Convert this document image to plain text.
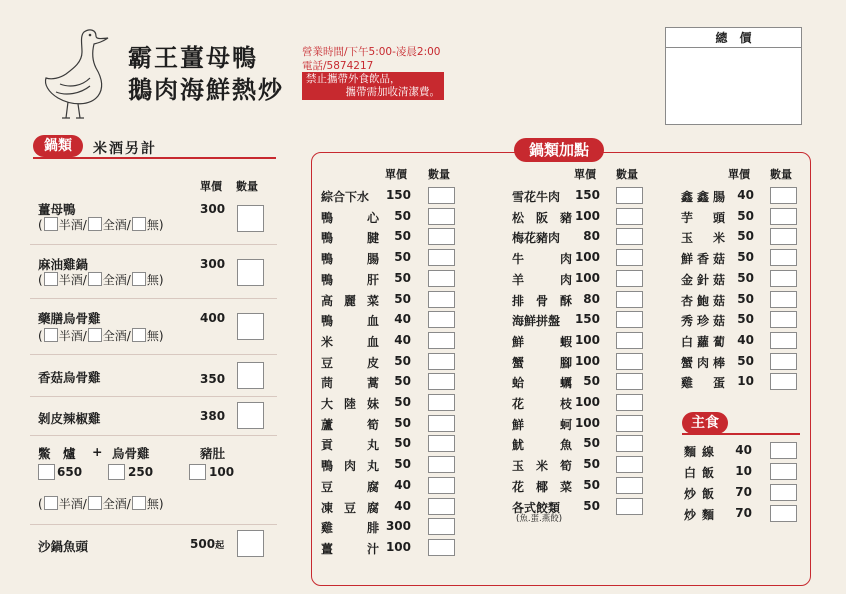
霸王薑母鴨
鵝肉海鮮熱炒
營業時間/下午5:00-凌晨2:00
電話/5874217
禁止攜帶外食飲品，
攜帶需加收清潔費。
總　價
鍋類	米酒另計
單價 數量
薑母鴨	300
( 半酒/ 全酒/ 無)
麻油雞鍋	300
( 半酒/ 全酒/ 無)
藥膳烏骨雞	400
( 半酒/ 全酒/ 無)
香菇烏骨雞	350
剝皮辣椒雞	380
鱉　爐 + 烏骨雞	豬肚
650	250	100
( 半酒/ 全酒/ 無)
沙鍋魚頭	500起
鍋類加點
單價 數量
綜合下水	150
鴨心	50
鴨腱	50
鴨腸	50
鴨肝	50
高麗菜	50
鴨血	40
米血	40
豆皮	50
茼蒿	50
大陸妹	50
蘆筍	50
貢丸	50
鴨肉丸	50
豆腐	40
凍豆腐	40
雞腓 300
薑汁 100
單價 數量
雪花牛肉	150
松阪豬 100
梅花豬肉	80
牛肉 100
羊肉 100
排骨酥 80
海鮮拼盤	150
鮮蝦 100
蟹腳 100
蛤蠣 50
花枝 100
鮮蚵 100
魷魚 50
玉米筍 50
花椰菜 50
各式餃類	50
單價 數量
鑫鑫腸	40
芋頭	50
玉米	50
鮮香菇	50
金針菇	50
杏鮑菇	50
秀珍菇	50
白蘿蔔	40
蟹肉棒	50
雞蛋	10
(魚.蛋.燕餃)
麵線	40
白飯	10
炒飯	70
炒麵	70
主食
